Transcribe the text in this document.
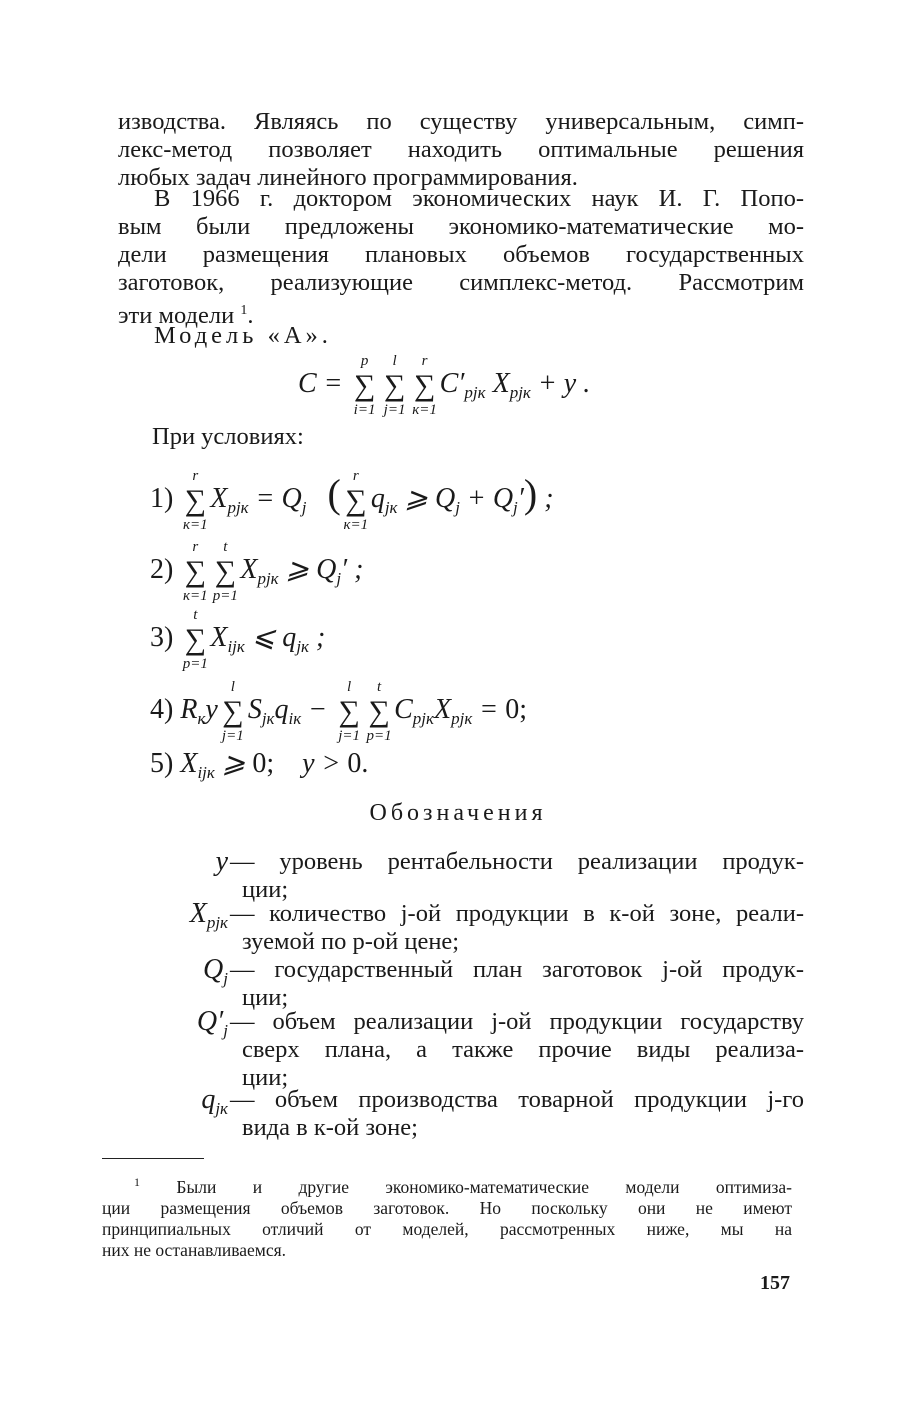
изводства. Являясь по существу универсальным, симп-
лекс-метод позволяет находить оптимальные решения
любых задач линейного программирования.
В 1966 г. доктором экономических наук И. Г. Попо-
вым были предложены экономико-математические мо-
дели размещения плановых объемов государственных
заготовок, реализующие симплекс-метод. Рассмотрим
эти модели $^1$.
Модель «А».
C = ∑
p
i=1
∑
l
j=1
∑
r
к=1
$C'_{pjк}$ $X_{pjк} + y$ .
При условиях:
1) ∑
r
к=1
$X_{pjк} = Q_j$ ( ∑
r
к=1
$q_{jк}$ ⩾ $Q_j + Q_j'$) ;
2) ∑
r
к=1
∑
t
p=1
$X_{pjк}$ ⩾ $Q_j'$ ;
3) ∑
t
p=1
$X_{ijк}$ ⩽ $q_{jк}$ ;
4) $R_кy$ ∑
l
j=1
$S_{jк}q_{iк}$ − ∑
l
j=1
∑
t
p=1
$C_{pjк}X_{pjк} = 0$;
5) $X_{ijк}$ ⩾ 0;    y > 0.
Обозначения
y — уровень рентабельности реализации продук-
ции;
$X_{pjк}$ — количество j-ой продукции в к-ой зоне, реали-
зуемой по p-ой цене;
$Q_j$ — государственный план заготовок j-ой продук-
ции;
$Q'_j$ — объем реализации j-ой продукции государству
сверх плана, а также прочие виды реализа-
ции;
$q_{jк}$ — объем производства товарной продукции j-го
вида в к-ой зоне;
$^1$ Были и другие экономико-математические модели оптимиза-
ции размещения объемов заготовок. Но поскольку они не имеют
принципиальных отличий от моделей, рассмотренных ниже, мы на
них не останавливаемся.
157
